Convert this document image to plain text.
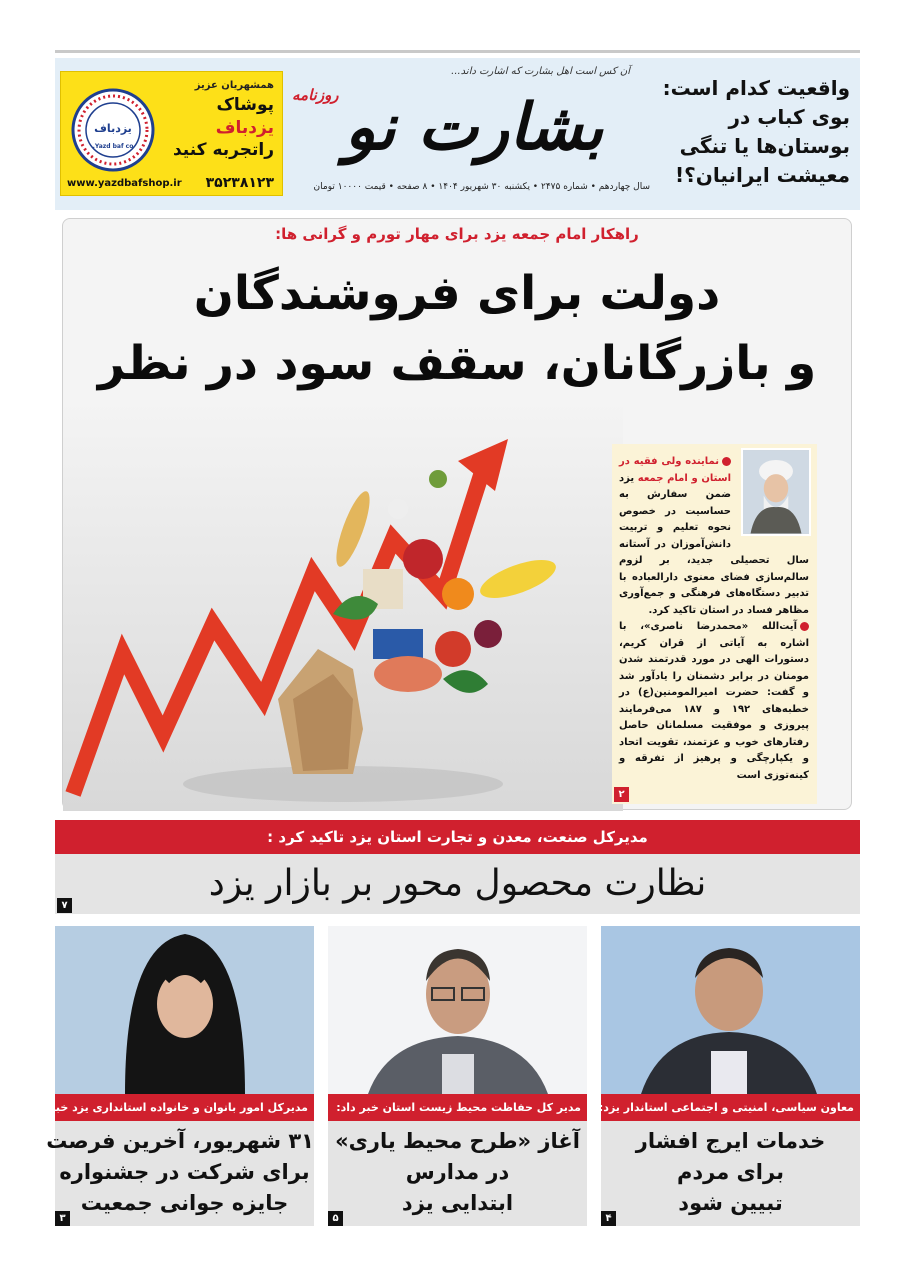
واقعیت کدام است:
بوی کباب در
بوستان‌ها یا تنگی
معیشت ایرانیان؟!
آن کس است اهل بشارت که اشارت داند...
روزنامه بشارت نو
سال چهاردهم • شماره ۲۴۷۵ • یکشنبه ۳۰ شهریور ۱۴۰۴ • ۸ صفحه • قیمت ۱۰۰۰۰ تومان
همشهریان عزیز
پوشاک
یزدباف
راتجربه کنید
یزدباف
Yazd baf co.
www.yazdbafshop.ir ۳۵۲۳۸۱۲۳
راهکار امام جمعه یزد برای مهار تورم و گرانی ها:
دولت برای فروشندگان
و بازرگانان، سقف سود در نظر
نماینده ولی فقیه در استان و امام جمعه یزد ضمن سفارش به حساسیت در خصوص نحوه تعلیم و تربیت دانش‌آموزان در آستانه سال تحصیلی جدید، بر لزوم سالم‌سازی فضای معنوی دارالعباده با تدبیر دستگاه‌های فرهنگی و جمع‌آوری مظاهر فساد در استان تاکید کرد.
آیت‌الله «محمدرضا ناصری»، با اشاره به آیاتی از قران کریم، دستورات الهی در مورد قدرتمند شدن مومنان در برابر دشمنان را یادآور شد و گفت: حضرت امیرالمومنین(ع) در خطبه‌های ۱۹۲ و ۱۸۷ می‌فرمایند پیروزی و موفقیت مسلمانان حاصل رفتارهای خوب و عزتمند، تقویت اتحاد و یکپارچگی و پرهیز از تفرقه و کینه‌توزی است
۲
مدیرکل صنعت، معدن و تجارت استان یزد تاکید کرد :
نظارت محصول محور بر بازار یزد
۷
معاون سیاسی، امنیتی و اجتماعی استاندار یزد:
خدمات ایرج افشار
برای مردم
تبیین شود
۴
مدیر کل حفاظت محیط زیست استان خبر داد:
آغاز «طرح محیط یاری»
در مدارس
ابتدایی یزد
۵
مدیرکل امور بانوان و خانواده استانداری یزد خبر داد:
۳۱ شهریور، آخرین فرصت
برای شرکت در جشنواره
جایزه جوانی جمعیت
۳
